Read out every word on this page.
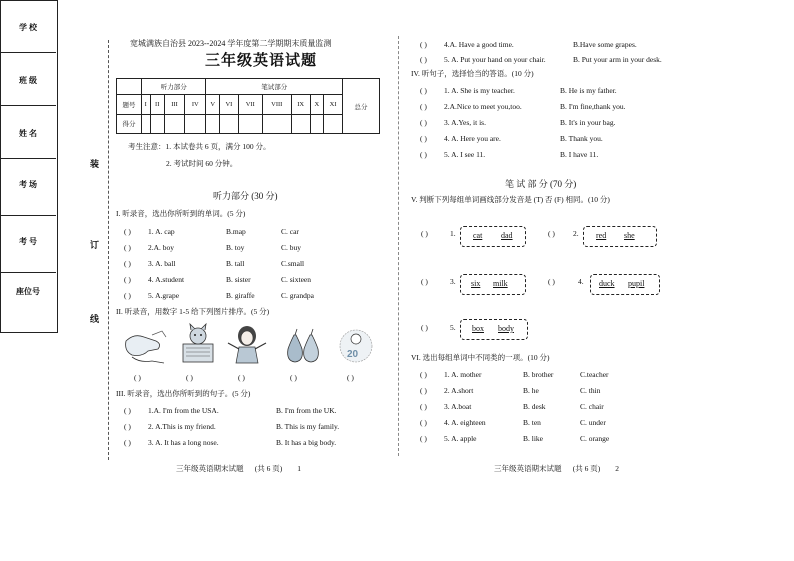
学 校
班 级
姓 名
考 场
考 号
座位号
装
订
线
宽城满族自治县 2023--2024 学年度第二学期期末质量监测
三年级英语试题
	听力部分				笔试部分							总分
题号	I	II	III	IV	V	VI	VII	VIII	IX	X	XI	
得分												
考生注意：1. 本试卷共 6 页，满分 100 分。
2. 考试时间 60 分钟。
听力部分 (30 分)
I. 听录音，选出你所听到的单词。(5 分)
( ) 1. A. cap	B.map	C. car
( ) 2.A. boy	B. toy	C. buy
( ) 3. A. ball	B. tall	C.small
( ) 4. A.student	B. sister	C. sixteen
( ) 5. A.grape	B. giraffe	C. grandpa
II. 听录音，用数字 1-5 给下列图片排序。(5 分)
20
( )	( )	( )	( )	( )
III. 听录音，选出你所听到的句子。(5 分)
( ) 1.A. I'm from the USA.	B. I'm from the UK.
( ) 2. A.This is my friend.	B. This is my family.
( ) 3. A. It has a long nose.	B. It has a big body.
三年级英语期末试题      (共 6 页)        1
( ) 4.A. Have a good time.	B.Have some grapes.
( ) 5. A. Put your hand on your chair.	B. Put your arm in your desk.
IV. 听句子，选择恰当的答语。(10 分)
( ) 1. A. She is my teacher.	B. He is my father.
( ) 2.A.Nice to meet you,too.	B. I'm fine,thank you.
( ) 3. A.Yes, it is.	B. It's in your bag.
( ) 4. A. Here you are.	B. Thank you.
( ) 5. A. I see 11.	B. I have 11.
笔 试 部 分 (70 分)
V. 判断下列每组单词画线部分发音是 (T) 否 (F) 相同。(10 分)
( )	1. cat dad	( ) 2. red she
( )	3. six milk	( )	4. duck pupil
( )	5. box body
VI. 选出每组单词中不同类的一项。(10 分)
( ) 1. A. mother	B. brother	C.teacher
( ) 2. A.short	B. he	C. thin
( ) 3. A.boat	B. desk	C. chair
( ) 4. A. eighteen	B. ten	C. under
( ) 5. A. apple	B. like	C. orange
三年级英语期末试题      (共 6 页)        2
